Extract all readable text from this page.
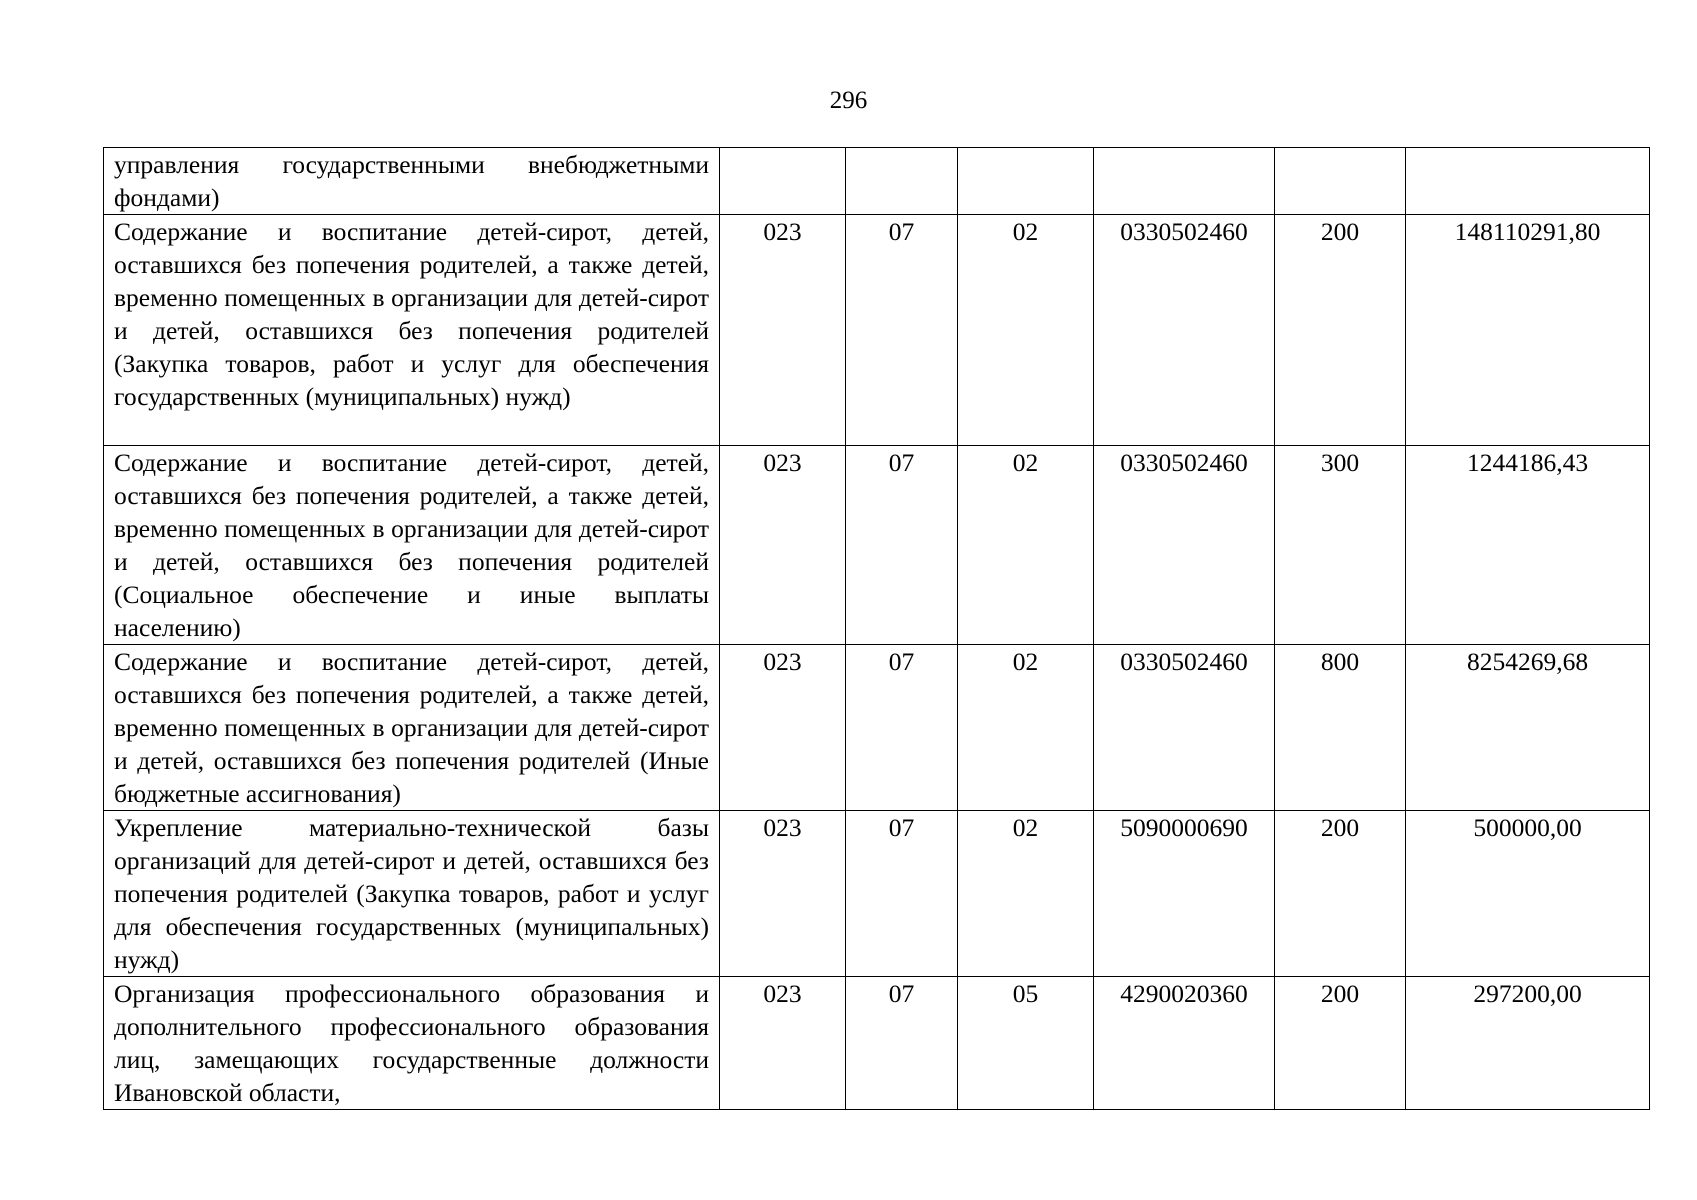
296
управления государственными внебюджетными фондами)						

Содержание и воспитание детей-сирот, детей, оставшихся без попечения родителей, а также детей, временно помещенных в организации для детей-сирот и детей, оставшихся без попечения родителей (Закупка товаров, работ и услуг для обеспечения государственных (муниципальных) нужд)	023	07	02	0330502460	200	148110291,80

Содержание и воспитание детей-сирот, детей, оставшихся без попечения родителей, а также детей, временно помещенных в организации для детей-сирот и детей, оставшихся без попечения родителей (Социальное обеспечение и иные выплаты населению)	023	07	02	0330502460	300	1244186,43

Содержание и воспитание детей-сирот, детей, оставшихся без попечения родителей, а также детей, временно помещенных в организации для детей-сирот и детей, оставшихся без попечения родителей (Иные бюджетные ассигнования)	023	07	02	0330502460	800	8254269,68

Укрепление материально-технической базы организаций для детей-сирот и детей, оставшихся без попечения родителей (Закупка товаров, работ и услуг для обеспечения государственных (муниципальных) нужд)	023	07	02	5090000690	200	500000,00

Организация профессионального образования и дополнительного профессионального образования лиц, замещающих государственные должности Ивановской области,	023	07	05	4290020360	200	297200,00
